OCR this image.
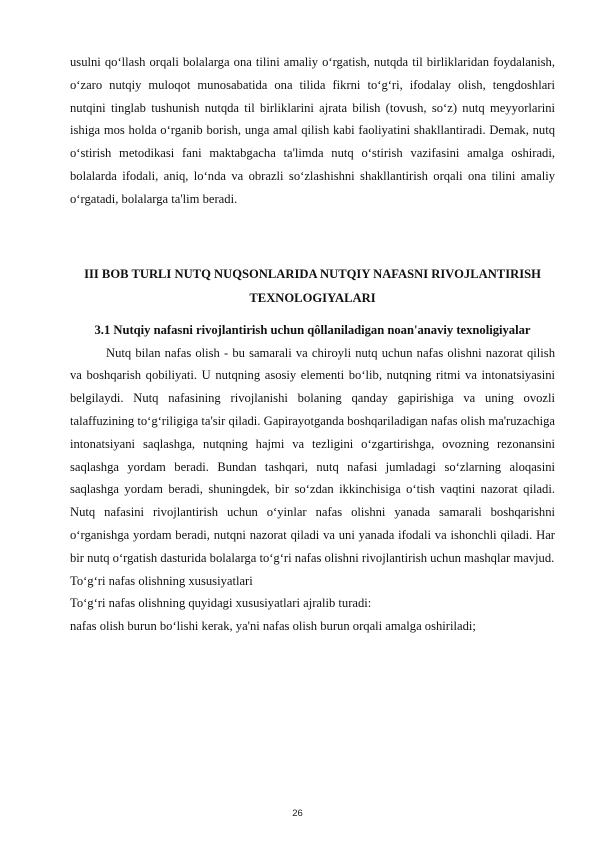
usulni qo‘llash orqali bolalarga ona tilini amaliy o‘rgatish, nutqda til birliklaridan foydalanish, o‘zaro nutqiy muloqot munosabatida ona tilida fikrni to‘g‘ri, ifodalay olish, tengdoshlari nutqini tinglab tushunish nutqda til birliklarini ajrata bilish (tovush, so‘z) nutq meyyorlarini ishiga mos holda o‘rganib borish, unga amal qilish kabi faoliyatini shakllantiradi. Demak, nutq o‘stirish metodikasi fani maktabgacha ta'limda nutq o‘stirish vazifasini amalga oshiradi, bolalarda ifodali, aniq, lo‘nda va obrazli so‘zlashishni shakllantirish orqali ona tilini amaliy o‘rgatadi, bolalarga ta'lim beradi.

III BOB TURLI NUTQ NUQSONLARIDA NUTQIY NAFASNI RIVOJLANTIRISH TEXNOLOGIYALARI

3.1 Nutqiy nafasni rivojlantirish uchun qôllaniladigan noan'anaviy texnoligiyalar

Nutq bilan nafas olish - bu samarali va chiroyli nutq uchun nafas olishni nazorat qilish va boshqarish qobiliyati. U nutqning asosiy elementi bo‘lib, nutqning ritmi va intonatsiyasini belgilaydi. Nutq nafasining rivojlanishi bolaning qanday gapirishiga va uning ovozli talaffuzining to‘g‘riligiga ta'sir qiladi. Gapirayotganda boshqariladigan nafas olish ma'ruzachiga intonatsiyani saqlashga, nutqning hajmi va tezligini o‘zgartirishga, ovozning rezonansini saqlashga yordam beradi. Bundan tashqari, nutq nafasi jumladagi so‘zlarning aloqasini saqlashga yordam beradi, shuningdek, bir so‘zdan ikkinchisiga o‘tish vaqtini nazorat qiladi. Nutq nafasini rivojlantirish uchun o‘yinlar nafas olishni yanada samarali boshqarishni o‘rganishga yordam beradi, nutqni nazorat qiladi va uni yanada ifodali va ishonchli qiladi. Har bir nutq o‘rgatish dasturida bolalarga to‘g‘ri nafas olishni rivojlantirish uchun mashqlar mavjud.

To‘g‘ri nafas olishning xususiyatlari

To‘g‘ri nafas olishning quyidagi xususiyatlari ajralib turadi:

nafas olish burun bo‘lishi kerak, ya'ni nafas olish burun orqali amalga oshiriladi;

26
